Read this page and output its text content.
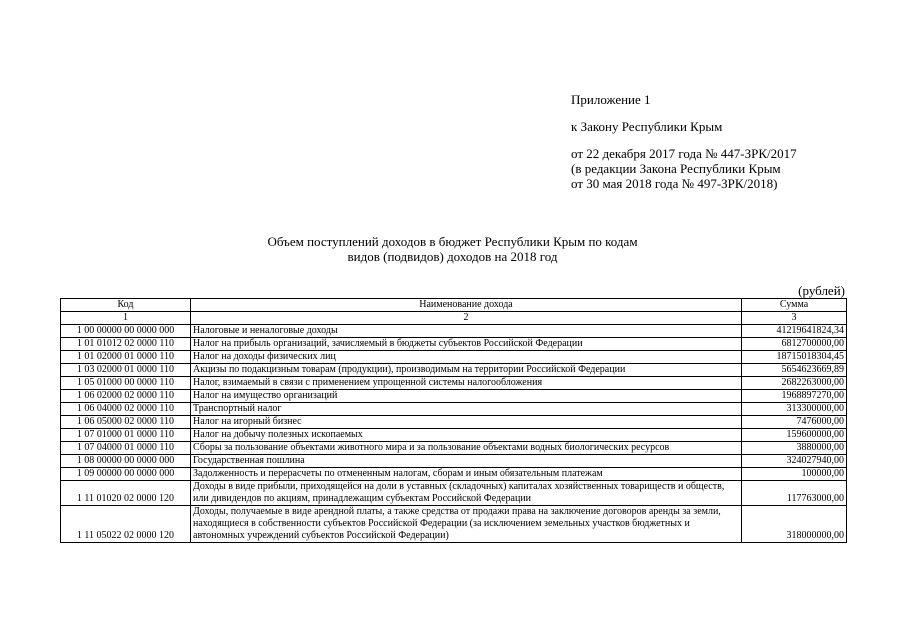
Приложение 1
к Закону Республики Крым
от 22 декабря 2017 года № 447-ЗРК/2017
(в редакции Закона Республики Крым
от 30 мая 2018 года № 497-ЗРК/2018)
Объем поступлений доходов в бюджет Республики Крым по кодам
видов (подвидов) доходов на 2018 год
(рублей)
Код	Наименование дохода	Сумма
1	2	3
1 00 00000 00 0000 000	Налоговые и неналоговые доходы	41219641824,34
1 01 01012 02 0000 110	Налог на прибыль организаций, зачисляемый в бюджеты субъектов Российской Федерации	6812700000,00
1 01 02000 01 0000 110	Налог на доходы физических лиц	18715018304,45
1 03 02000 01 0000 110	Акцизы по подакцизным товарам (продукции), производимым на территории Российской Федерации	5654623669,89
1 05 01000 00 0000 110	Налог, взимаемый в связи с применением упрощенной системы налогообложения	2682263000,00
1 06 02000 02 0000 110	Налог на имущество организаций	1968897270,00
1 06 04000 02 0000 110	Транспортный налог	313300000,00
1 06 05000 02 0000 110	Налог на игорный бизнес	7476000,00
1 07 01000 01 0000 110	Налог на добычу полезных ископаемых	159600000,00
1 07 04000 01 0000 110	Сборы за пользование объектами животного мира и за пользование объектами водных биологических ресурсов	3880000,00
1 08 00000 00 0000 000	Государственная пошлина	324027940,00
1 09 00000 00 0000 000	Задолженность и перерасчеты по отмененным налогам, сборам и иным обязательным платежам	100000,00
1 11 01020 02 0000 120	Доходы в виде прибыли, приходящейся на доли в уставных (складочных) капиталах хозяйственных товариществ и обществ, или дивидендов по акциям, принадлежащим субъектам Российской Федерации	117763000,00
1 11 05022 02 0000 120	Доходы, получаемые в виде арендной платы, а также средства от продажи права на заключение договоров аренды за земли, находящиеся в собственности субъектов Российской Федерации (за исключением земельных участков бюджетных и автономных учреждений субъектов Российской Федерации)	318000000,00
